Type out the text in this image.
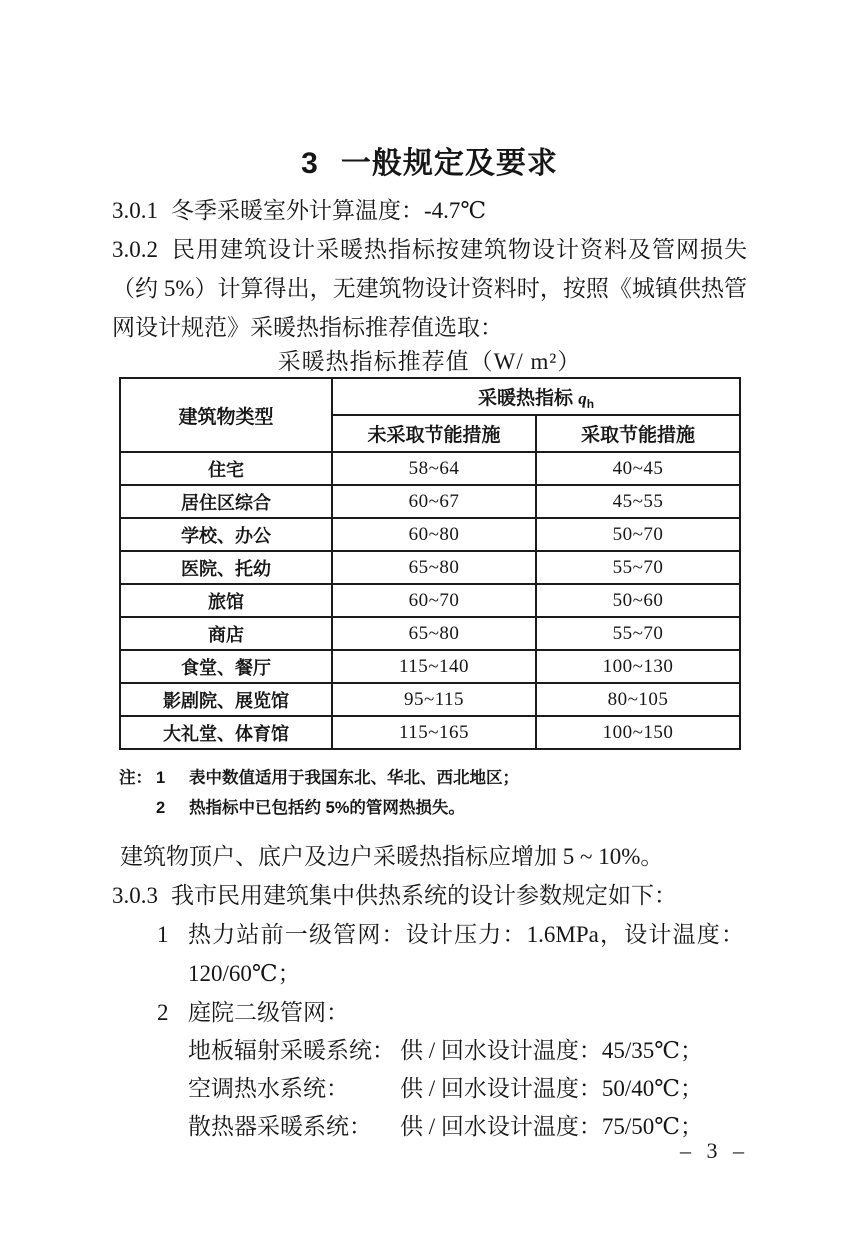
3 一般规定及要求

3.0.1 冬季采暖室外计算温度：-4.7℃

3.0.2 民用建筑设计采暖热指标按建筑物设计资料及管网损失（约 5%）计算得出，无建筑物设计资料时，按照《城镇供热管网设计规范》采暖热指标推荐值选取：

采暖热指标推荐值（W/ m²）
建筑物类型	采暖热指标 $q_h$
	未采取节能措施	采取节能措施
住宅	58~64	40~45
居住区综合	60~67	45~55
学校、办公	60~80	50~70
医院、托幼	65~80	55~70
旅馆	60~70	50~60
商店	65~80	55~70
食堂、餐厅	115~140	100~130
影剧院、展览馆	95~115	80~105
大礼堂、体育馆	115~165	100~150
注： 1	表中数值适用于我国东北、华北、西北地区；
2	热指标中已包括约 5%的管网热损失。

建筑物顶户、底户及边户采暖热指标应增加 5 ~ 10%。

3.0.3 我市民用建筑集中供热系统的设计参数规定如下：

1 热力站前一级管网：设计压力：1.6MPa，设计温度：120/60℃；
2 庭院二级管网：
地板辐射采暖系统： 供 / 回水设计温度：45/35℃；
空调热水系统：	供 / 回水设计温度：50/40℃；
散热器采暖系统：	供 / 回水设计温度：75/50℃；
– 3 –
